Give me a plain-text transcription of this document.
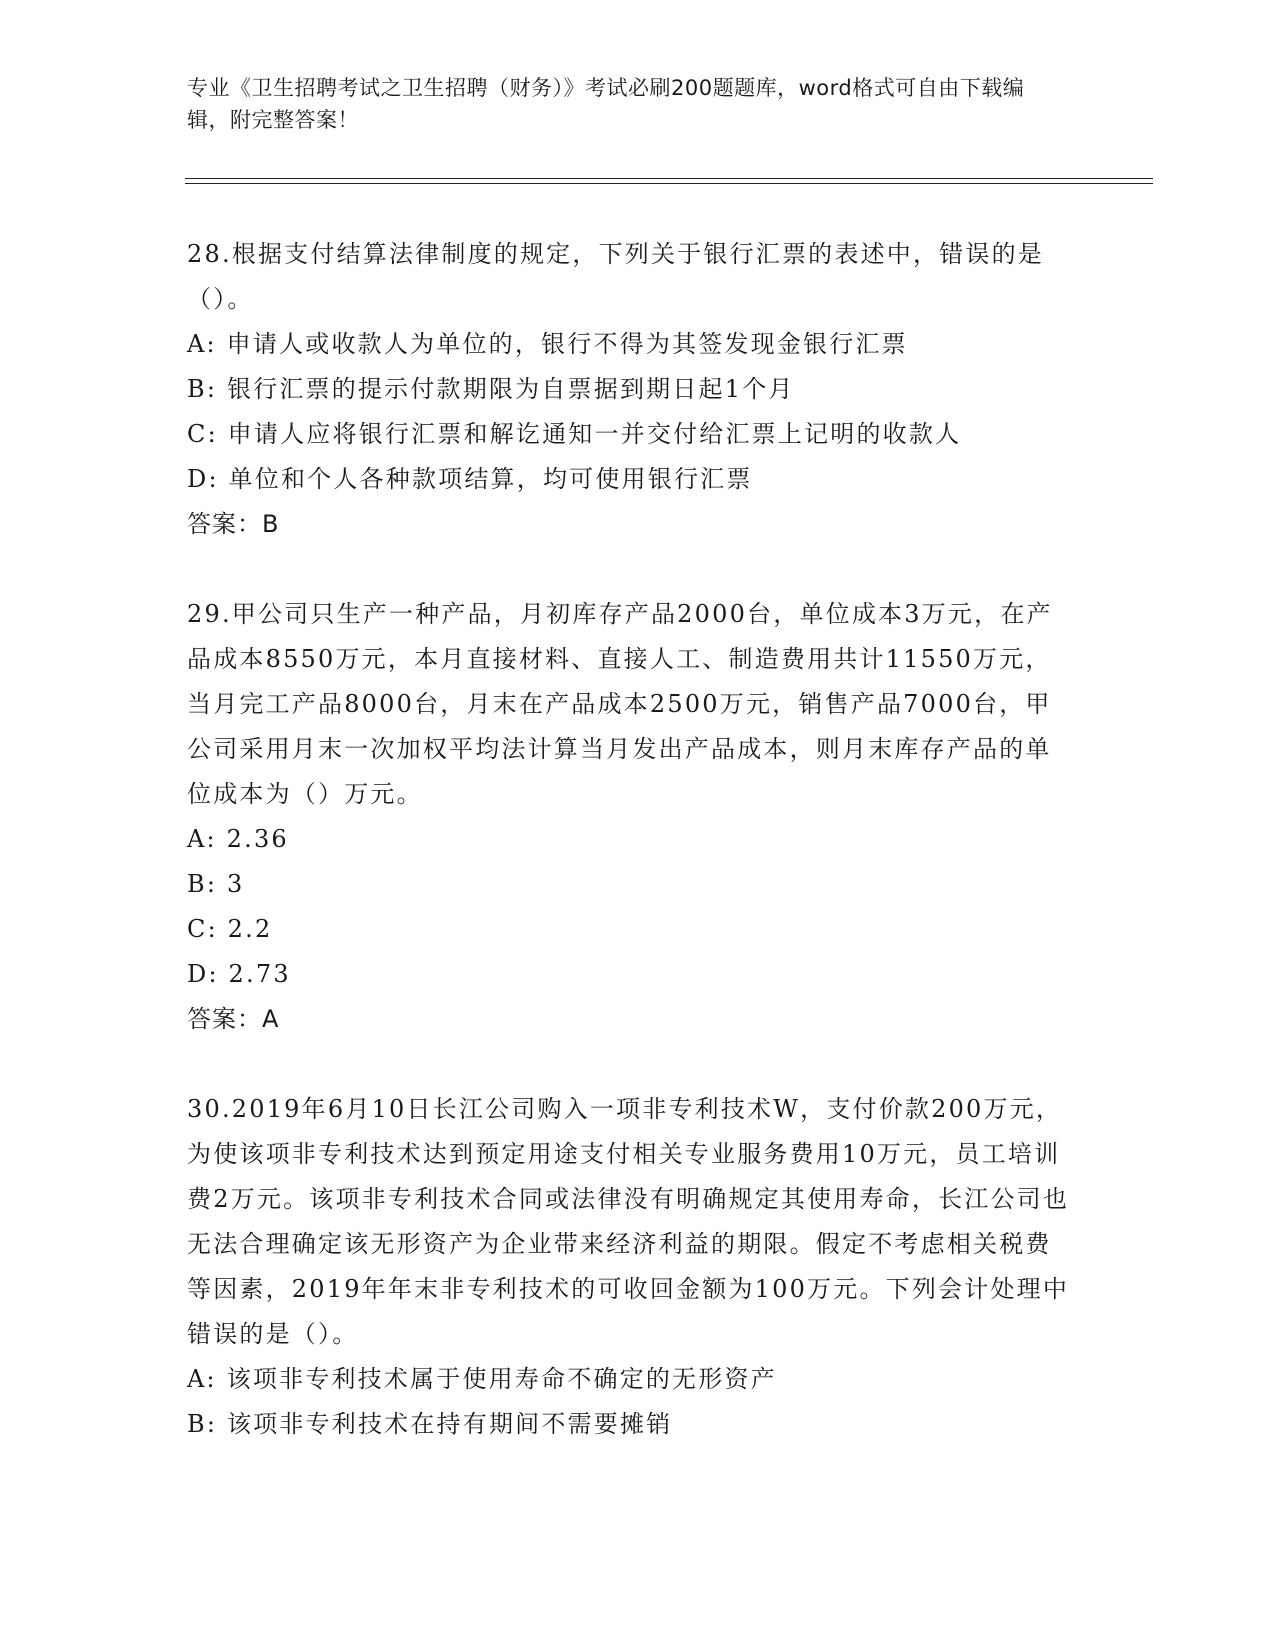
专业《卫生招聘考试之卫生招聘（财务）》考试必刷200题题库，word格式可自由下载编辑，附完整答案！
28.根据支付结算法律制度的规定，下列关于银行汇票的表述中，错误的是（）。
A: 申请人或收款人为单位的，银行不得为其签发现金银行汇票
B: 银行汇票的提示付款期限为自票据到期日起1个月
C: 申请人应将银行汇票和解讫通知一并交付给汇票上记明的收款人
D: 单位和个人各种款项结算，均可使用银行汇票
答案：B
29.甲公司只生产一种产品，月初库存产品2000台，单位成本3万元，在产品成本8550万元，本月直接材料、直接人工、制造费用共计11550万元，当月完工产品8000台，月末在产品成本2500万元，销售产品7000台，甲公司采用月末一次加权平均法计算当月发出产品成本，则月末库存产品的单位成本为（）万元。
A: 2.36
B: 3
C: 2.2
D: 2.73
答案：A
30.2019年6月10日长江公司购入一项非专利技术W，支付价款200万元，为使该项非专利技术达到预定用途支付相关专业服务费用10万元，员工培训费2万元。该项非专利技术合同或法律没有明确规定其使用寿命，长江公司也无法合理确定该无形资产为企业带来经济利益的期限。假定不考虑相关税费等因素，2019年年末非专利技术的可收回金额为100万元。下列会计处理中错误的是（）。
A: 该项非专利技术属于使用寿命不确定的无形资产
B: 该项非专利技术在持有期间不需要摊销
